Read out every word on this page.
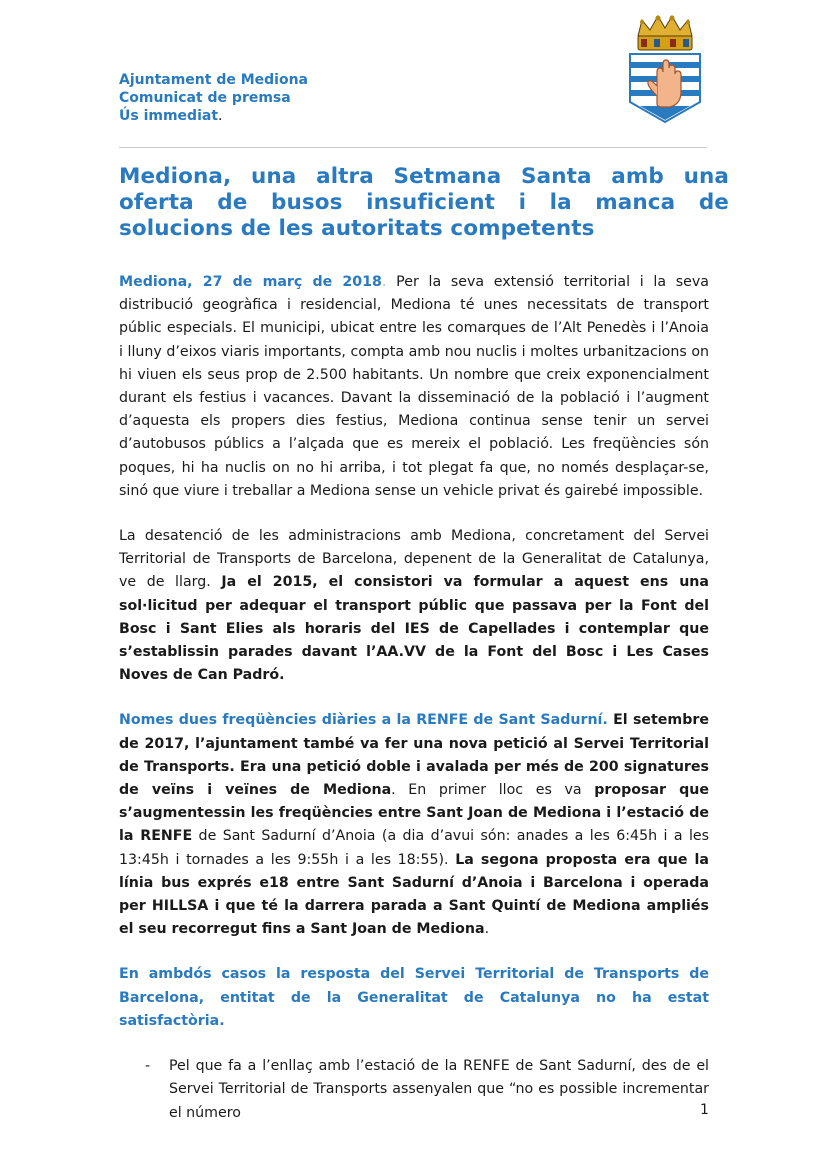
Ajuntament de Mediona
Comunicat de premsa
Ús immediat.
Mediona, una altra Setmana Santa amb una oferta de busos insuficient i la manca de solucions de les autoritats competents

Mediona, 27 de març de 2018. Per la seva extensió territorial i la seva distribució geogràfica i residencial, Mediona té unes necessitats de transport públic especials. El municipi, ubicat entre les comarques de l’Alt Penedès i l’Anoia i lluny d’eixos viaris importants, compta amb nou nuclis i moltes urbanitzacions on hi viuen els seus prop de 2.500 habitants. Un nombre que creix exponencialment durant els festius i vacances. Davant la disseminació de la població i l’augment d’aquesta els propers dies festius, Mediona continua sense tenir un servei d’autobusos públics a l’alçada que es mereix el població. Les freqüències són poques, hi ha nuclis on no hi arriba, i tot plegat fa que, no només desplaçar-se, sinó que viure i treballar a Mediona sense un vehicle privat és gairebé impossible.

La desatenció de les administracions amb Mediona, concretament del Servei Territorial de Transports de Barcelona, depenent de la Generalitat de Catalunya, ve de llarg. Ja el 2015, el consistori va formular a aquest ens una sol·licitud per adequar el transport públic que passava per la Font del Bosc i Sant Elies als horaris del IES de Capellades i contemplar que s’establissin parades davant l’AA.VV de la Font del Bosc i Les Cases Noves de Can Padró.

Nomes dues freqüències diàries a la RENFE de Sant Sadurní. El setembre de 2017, l’ajuntament també va fer una nova petició al Servei Territorial de Transports. Era una petició doble i avalada per més de 200 signatures de veïns i veïnes de Mediona. En primer lloc es va proposar que s’augmentessin les freqüències entre Sant Joan de Mediona i l’estació de la RENFE de Sant Sadurní d’Anoia (a dia d’avui són: anades a les 6:45h i a les 13:45h i tornades a les 9:55h i a les 18:55). La segona proposta era que la línia bus exprés e18 entre Sant Sadurní d’Anoia i Barcelona i operada per HILLSA i que té la darrera parada a Sant Quintí de Mediona ampliés el seu recorregut fins a Sant Joan de Mediona.

En ambdós casos la resposta del Servei Territorial de Transports de Barcelona, entitat de la Generalitat de Catalunya no ha estat satisfactòria.

-	Pel que fa a l’enllaç amb l’estació de la RENFE de Sant Sadurní, des de el Servei Territorial de Transports assenyalen que “no es possible incrementar el número	1
